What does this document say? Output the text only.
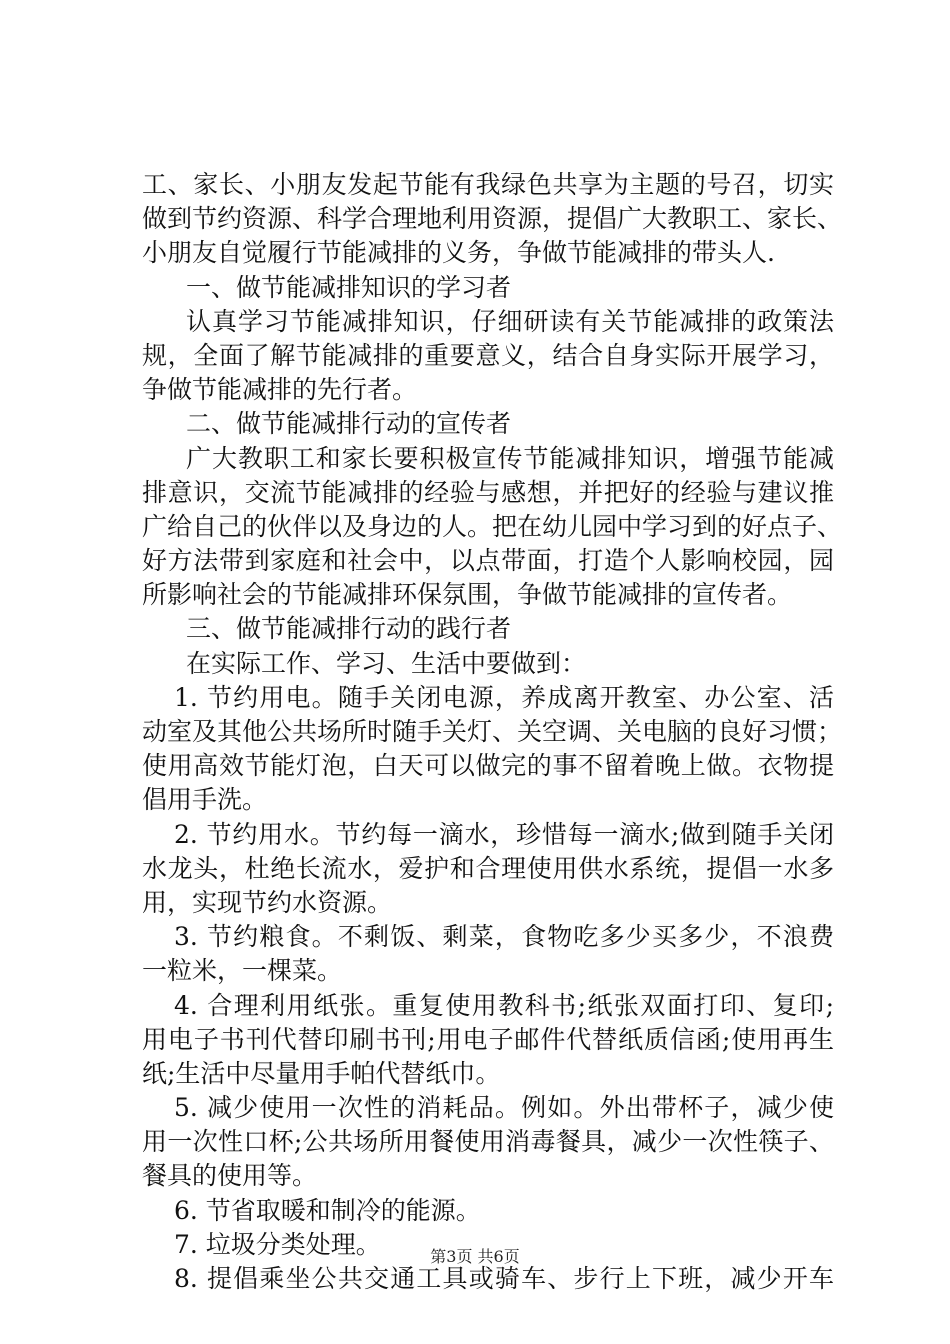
工、家长、小朋友发起节能有我绿色共享为主题的号召，切实
做到节约资源、科学合理地利用资源，提倡广大教职工、家长、
小朋友自觉履行节能减排的义务，争做节能减排的带头人.
一、做节能减排知识的学习者
认真学习节能减排知识，仔细研读有关节能减排的政策法
规，全面了解节能减排的重要意义，结合自身实际开展学习，
争做节能减排的先行者。
二、做节能减排行动的宣传者
广大教职工和家长要积极宣传节能减排知识，增强节能减
排意识，交流节能减排的经验与感想，并把好的经验与建议推
广给自己的伙伴以及身边的人。把在幼儿园中学习到的好点子、
好方法带到家庭和社会中，以点带面，打造个人影响校园，园
所影响社会的节能减排环保氛围，争做节能减排的宣传者。
三、做节能减排行动的践行者
在实际工作、学习、生活中要做到：
1. 节约用电。随手关闭电源，养成离开教室、办公室、活
动室及其他公共场所时随手关灯、关空调、关电脑的良好习惯；
使用高效节能灯泡，白天可以做完的事不留着晚上做。衣物提
倡用手洗。
2. 节约用水。节约每一滴水，珍惜每一滴水;做到随手关闭
水龙头，杜绝长流水，爱护和合理使用供水系统，提倡一水多
用，实现节约水资源。
3. 节约粮食。不剩饭、剩菜，食物吃多少买多少，不浪费
一粒米，一棵菜。
4. 合理利用纸张。重复使用教科书;纸张双面打印、复印;
用电子书刊代替印刷书刊;用电子邮件代替纸质信函;使用再生
纸;生活中尽量用手帕代替纸巾。
5. 减少使用一次性的消耗品。例如。外出带杯子，减少使
用一次性口杯;公共场所用餐使用消毒餐具，减少一次性筷子、
餐具的使用等。
6. 节省取暖和制冷的能源。
7. 垃圾分类处理。
8. 提倡乘坐公共交通工具或骑车、步行上下班，减少开车
第3页 共6页
